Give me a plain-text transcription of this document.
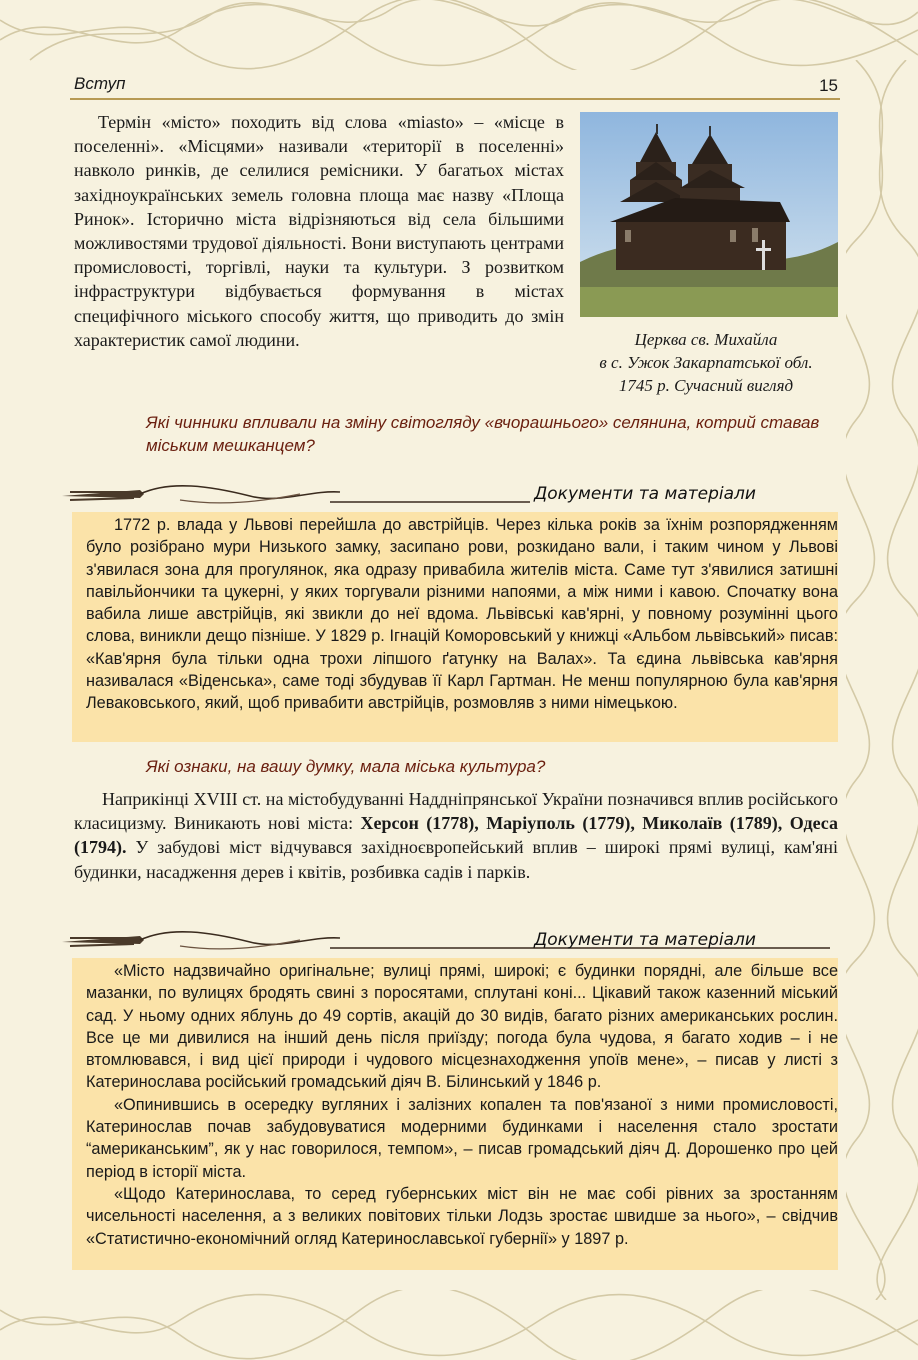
Вступ	15

Термін «місто» походить від слова «miasto» – «місце в поселенні». «Місцями» називали «території в поселенні» навколо ринків, де селилися ремісники. У багатьох містах західноукраїнських земель головна площа має назву «Площа Ринок». Історично міста відрізняються від села більшими можливостями трудової діяльності. Вони виступають центрами промисловості, торгівлі, науки та культури. З розвитком інфраструктури відбувається формування в містах специфічного міського способу життя, що приводить до змін характеристик самої людини.	Церква св. Михайла
в с. Ужок Закарпатської обл.
1745 р. Сучасний вигляд
Які чинники впливали на зміну світогляду «вчорашнього» селянина, котрий ставав міським мешканцем?
Документи та матеріали

1772 р. влада у Львові перейшла до австрійців. Через кілька років за їхнім розпорядженням було розібрано мури Низького замку, засипано рови, розкидано вали, і таким чином у Львові з'явилася зона для прогулянок, яка одразу привабила жителів міста. Саме тут з'явилися затишні павільйончики та цукерні, у яких торгували різними напоями, а між ними і кавою. Спочатку вона вабила лише австрійців, які звикли до неї вдома. Львівські кав'ярні, у повному розумінні цього слова, виникли дещо пізніше. У 1829 р. Ігнацій Коморовський у книжці «Альбом львівський» писав: «Кав'ярня була тільки одна трохи ліпшого ґатунку на Валах». Та єдина львівська кав'ярня називалася «Віденська», саме тоді збудував її Карл Гартман. Не менш популярною була кав'ярня Леваковського, який, щоб привабити австрійців, розмовляв з ними німецькою.

Які ознаки, на вашу думку, мала міська культура?

Наприкінці XVIII ст. на містобудуванні Наддніпрянської України позначився вплив російського класицизму. Виникають нові міста: Херсон (1778), Маріуполь (1779), Миколаїв (1789), Одеса (1794). У забудові міст відчувався західноєвропейський вплив – широкі прямі вулиці, кам'яні будинки, насадження дерев і квітів, розбивка садів і парків.

Документи та матеріали

«Місто надзвичайно оригінальне; вулиці прямі, широкі; є будинки порядні, але більше все мазанки, по вулицях бродять свині з поросятами, сплутані коні... Цікавий також казенний міський сад. У ньому одних яблунь до 49 сортів, акацій до 30 видів, багато різних американських рослин. Все це ми дивилися на інший день після приїзду; погода була чудова, я багато ходив – і не втомлювався, і вид цієї природи і чудового місцезнаходження упоїв мене», – писав у листі з Катеринослава російський громадський діяч В. Білинський у 1846 р.

«Опинившись в осередку вугляних і залізних копален та пов'язаної з ними промисловості, Катеринослав почав забудовуватися модерними будинками і населення стало зростати “американським”, як у нас говорилося, темпом», – писав громадський діяч Д. Дорошенко про цей період в історії міста.

«Щодо Катеринослава, то серед губернських міст він не має собі рівних за зростанням чисельності населення, а з великих повітових тільки Лодзь зростає швидше за нього», – свідчив «Статистично-економічний огляд Катеринославської губернії» у 1897 р.
